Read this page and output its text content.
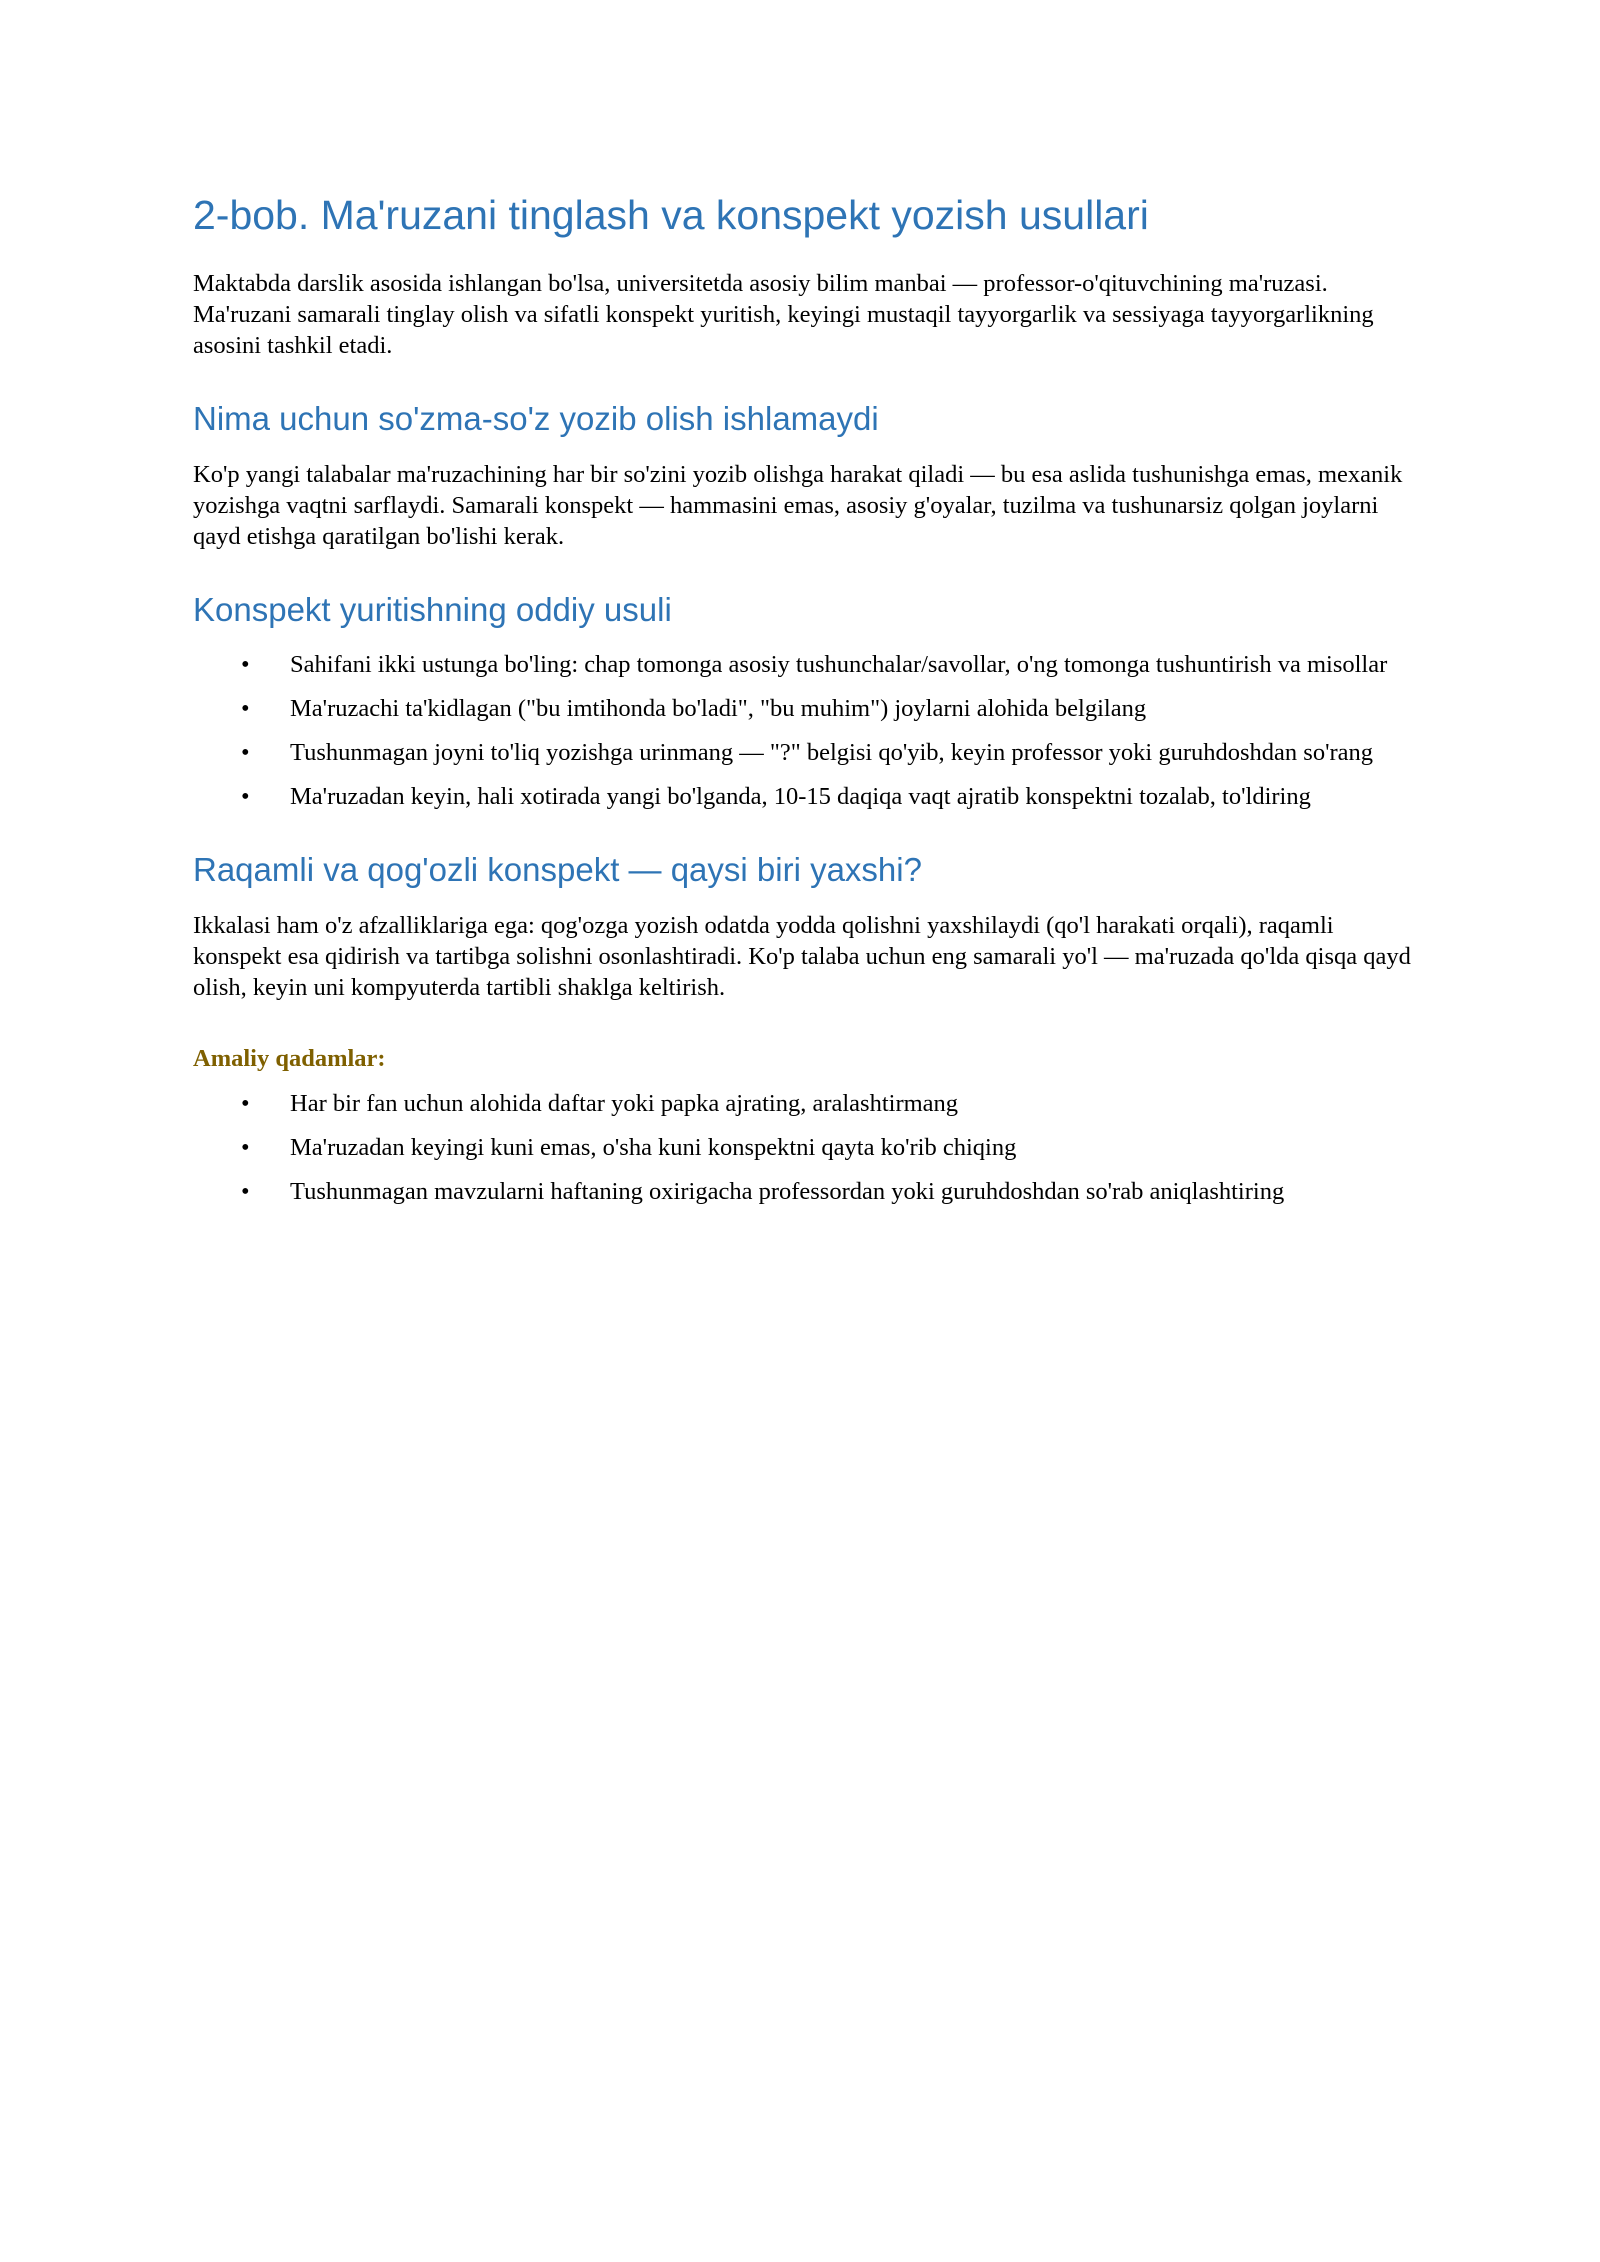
2-bob. Ma'ruzani tinglash va konspekt yozish usullari

Maktabda darslik asosida ishlangan bo'lsa, universitetda asosiy bilim manbai — professor-o'qituvchining ma'ruzasi. Ma'ruzani samarali tinglay olish va sifatli konspekt yuritish, keyingi mustaqil tayyorgarlik va sessiyaga tayyorgarlikning asosini tashkil etadi.

Nima uchun so'zma-so'z yozib olish ishlamaydi

Ko'p yangi talabalar ma'ruzachining har bir so'zini yozib olishga harakat qiladi — bu esa aslida tushunishga emas, mexanik yozishga vaqtni sarflaydi. Samarali konspekt — hammasini emas, asosiy g'oyalar, tuzilma va tushunarsiz qolgan joylarni qayd etishga qaratilgan bo'lishi kerak.

Konspekt yuritishning oddiy usuli
• Sahifani ikki ustunga bo'ling: chap tomonga asosiy tushunchalar/savollar, o'ng tomonga tushuntirish va misollar
• Ma'ruzachi ta'kidlagan ("bu imtihonda bo'ladi", "bu muhim") joylarni alohida belgilang
• Tushunmagan joyni to'liq yozishga urinmang — "?" belgisi qo'yib, keyin professor yoki guruhdoshdan so'rang
• Ma'ruzadan keyin, hali xotirada yangi bo'lganda, 10-15 daqiqa vaqt ajratib konspektni tozalab, to'ldiring
Raqamli va qog'ozli konspekt — qaysi biri yaxshi?

Ikkalasi ham o'z afzalliklariga ega: qog'ozga yozish odatda yodda qolishni yaxshilaydi (qo'l harakati orqali), raqamli konspekt esa qidirish va tartibga solishni osonlashtiradi. Ko'p talaba uchun eng samarali yo'l — ma'ruzada qo'lda qisqa qayd olish, keyin uni kompyuterda tartibli shaklga keltirish.

Amaliy qadamlar:
• Har bir fan uchun alohida daftar yoki papka ajrating, aralashtirmang
• Ma'ruzadan keyingi kuni emas, o'sha kuni konspektni qayta ko'rib chiqing
• Tushunmagan mavzularni haftaning oxirigacha professordan yoki guruhdoshdan so'rab aniqlashtiring
